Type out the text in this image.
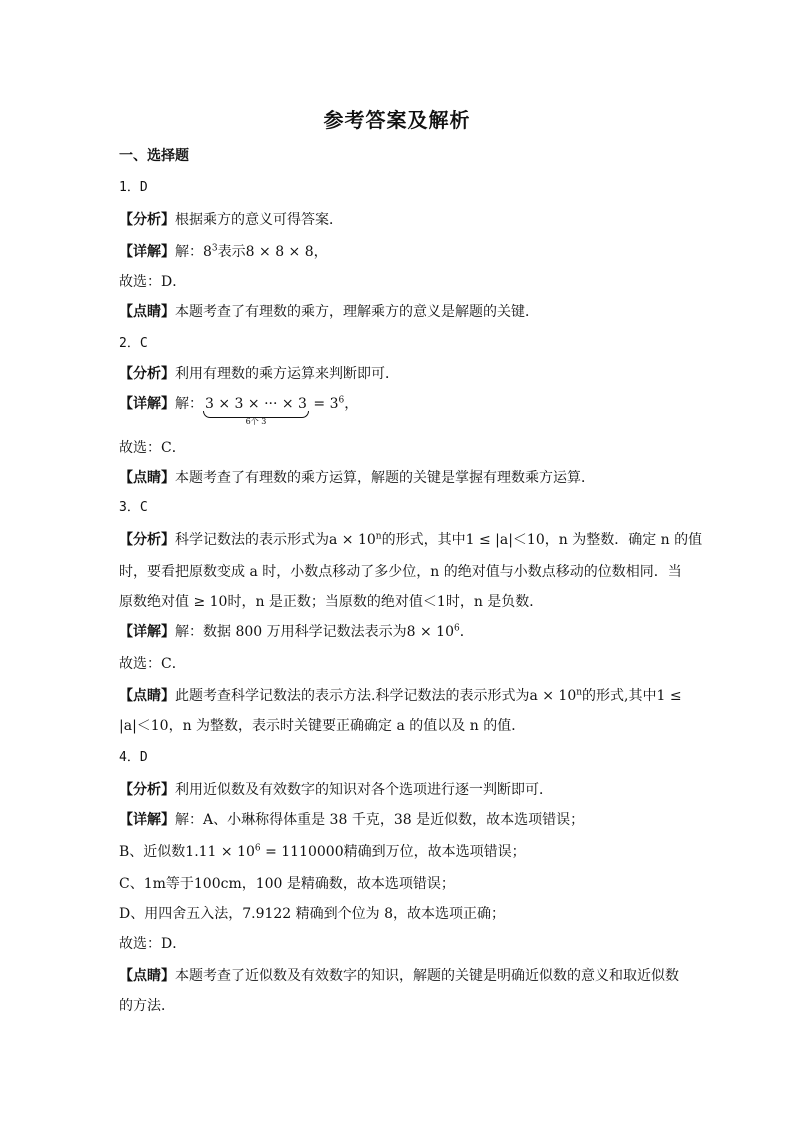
参考答案及解析
一、选择题
1．D
【分析】根据乘方的意义可得答案．
【详解】解：$8^3$表示8 × 8 × 8，
故选：D．
【点睛】本题考查了有理数的乘方，理解乘方的意义是解题的关键．
2．C
【分析】利用有理数的乘方运算来判断即可．
【详解】解： 3 × 3 × ··· × 3
6个 3
= $3^6$，
故选：C．
【点睛】本题考查了有理数的乘方运算，解题的关键是掌握有理数乘方运算．
3．C
【分析】科学记数法的表示形式为$a \times 10^n$的形式，其中1 ≤ |a|＜10，n 为整数．确定 n 的值
时，要看把原数变成 a 时，小数点移动了多少位，n 的绝对值与小数点移动的位数相同．当
原数绝对值 ≥ 10时，n 是正数；当原数的绝对值＜1时，n 是负数．
【详解】解：数据 800 万用科学记数法表示为$8 \times 10^6$．
故选：C．
【点睛】此题考查科学记数法的表示方法.科学记数法的表示形式为$a \times 10^n$的形式,其中1 ≤
|a|＜10，n 为整数，表示时关键要正确确定 a 的值以及 n 的值．
4．D
【分析】利用近似数及有效数字的知识对各个选项进行逐一判断即可．
【详解】解：A、小琳称得体重是 38 千克，38 是近似数，故本选项错误；
B、近似数$1.11 \times 10^6 = 1110000$精确到万位，故本选项错误；
C、1m等于100cm，100 是精确数，故本选项错误；
D、用四舍五入法，7.9122 精确到个位为 8，故本选项正确；
故选：D．
【点睛】本题考查了近似数及有效数字的知识，解题的关键是明确近似数的意义和取近似数
的方法．
